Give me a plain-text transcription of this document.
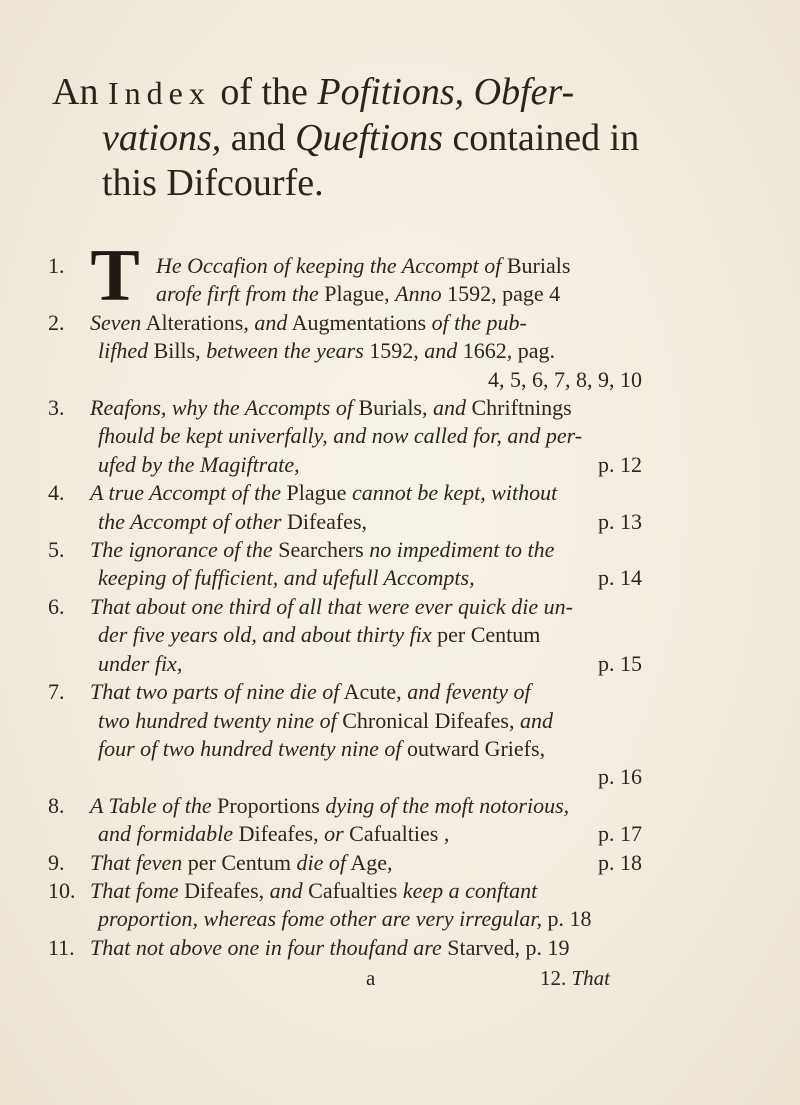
An Index of the Pofitions, Obfer-
vations, and Queftions contained in
this Difcourfe.
T
1.	He Occafion of keeping the Accompt of Burials
arofe firft from the Plague, Anno 1592, page 4
2.	Seven Alterations, and Augmentations of the pub-
lifhed Bills, between the years 1592, and 1662, pag.
4, 5, 6, 7, 8, 9, 10
3.	Reafons, why the Accompts of Burials, and Chriftnings
fhould be kept univerfally, and now called for, and per-
ufed by the Magiftrate,	p. 12
4.	A true Accompt of the Plague cannot be kept, without
the Accompt of other Difeafes,	p. 13
5.	The ignorance of the Searchers no impediment to the
keeping of fufficient, and ufefull Accompts,	p. 14
6.	That about one third of all that were ever quick die un-
der five years old, and about thirty fix per Centum
under fix,	p. 15
7.	That two parts of nine die of Acute, and feventy of
two hundred twenty nine of Chronical Difeafes, and
four of two hundred twenty nine of outward Griefs,
p. 16
8.	A Table of the Proportions dying of the moft notorious,
and formidable Difeafes, or Cafualties ,	p. 17
9.	That feven per Centum die of Age,	p. 18
10. That fome Difeafes, and Cafualties keep a conftant
proportion, whereas fome other are very irregular, p. 18
11. That not above one in four thoufand are Starved, p. 19
a	12. That
